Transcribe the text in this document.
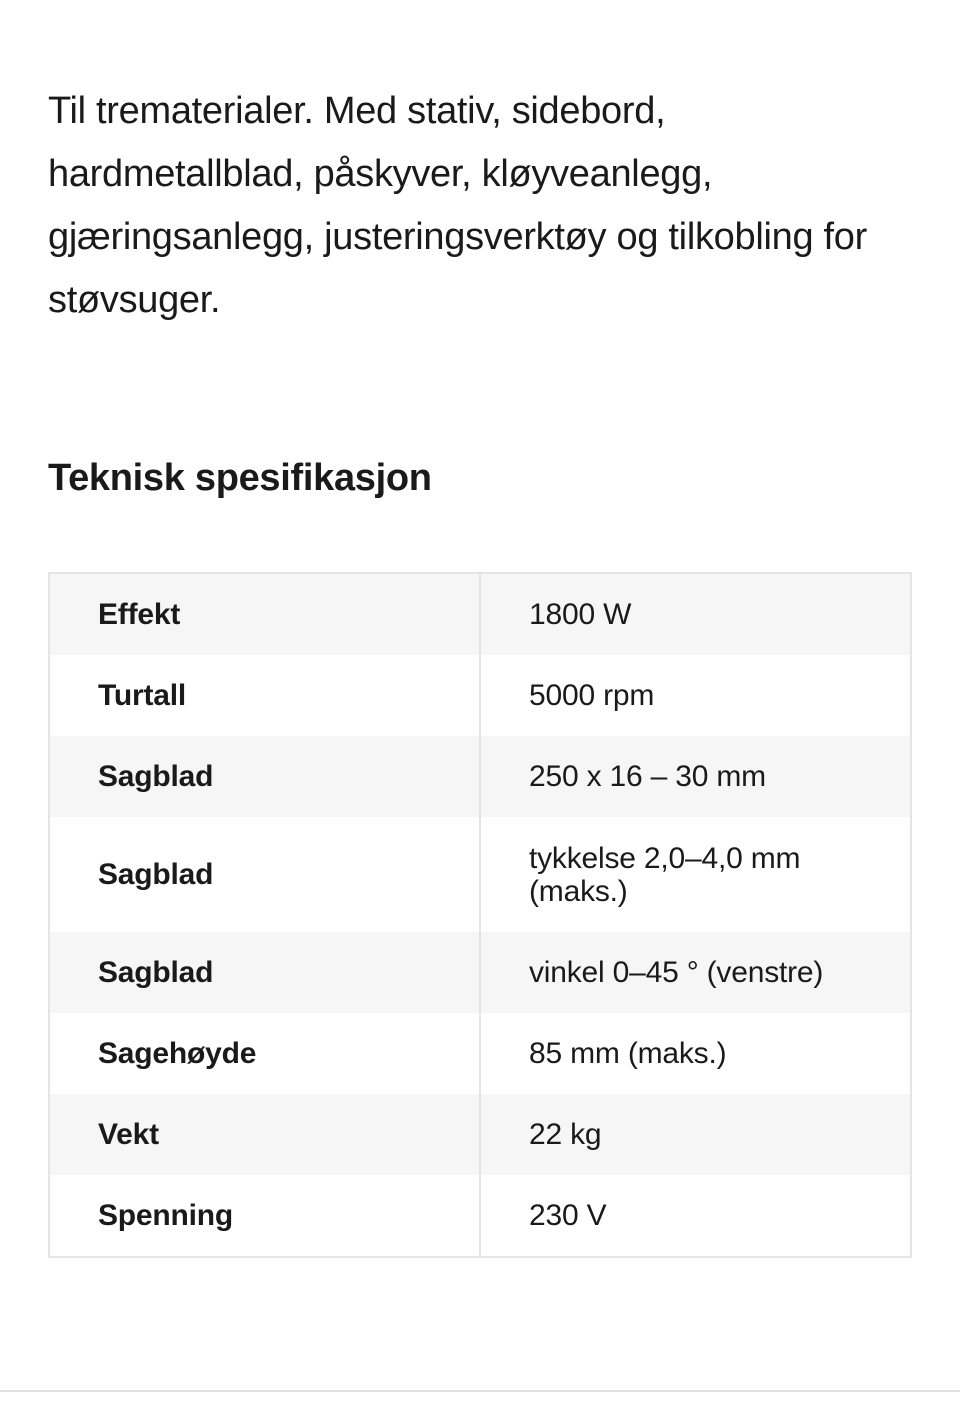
Til trematerialer. Med stativ, sidebord, hardmetallblad, påskyver, kløyveanlegg, gjæringsanlegg, justeringsverktøy og tilkobling for støvsuger.

Teknisk spesifikasjon
Effekt	1800 W
Turtall	5000 rpm
Sagblad	250 x 16 – 30 mm
Sagblad	tykkelse 2,0–4,0 mm (maks.)
Sagblad	vinkel 0–45 ° (venstre)
Sagehøyde	85 mm (maks.)
Vekt	22 kg
Spenning	230 V
